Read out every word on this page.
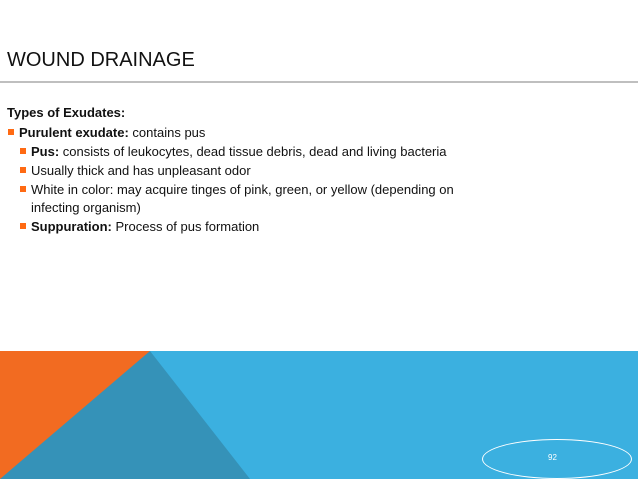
WOUND DRAINAGE
Types of Exudates:
Purulent exudate: contains pus
Pus: consists of leukocytes, dead tissue debris, dead and living bacteria
Usually thick and has unpleasant odor
White in color: may acquire tinges of pink, green, or yellow (depending on infecting organism)
Suppuration: Process of pus formation
92
